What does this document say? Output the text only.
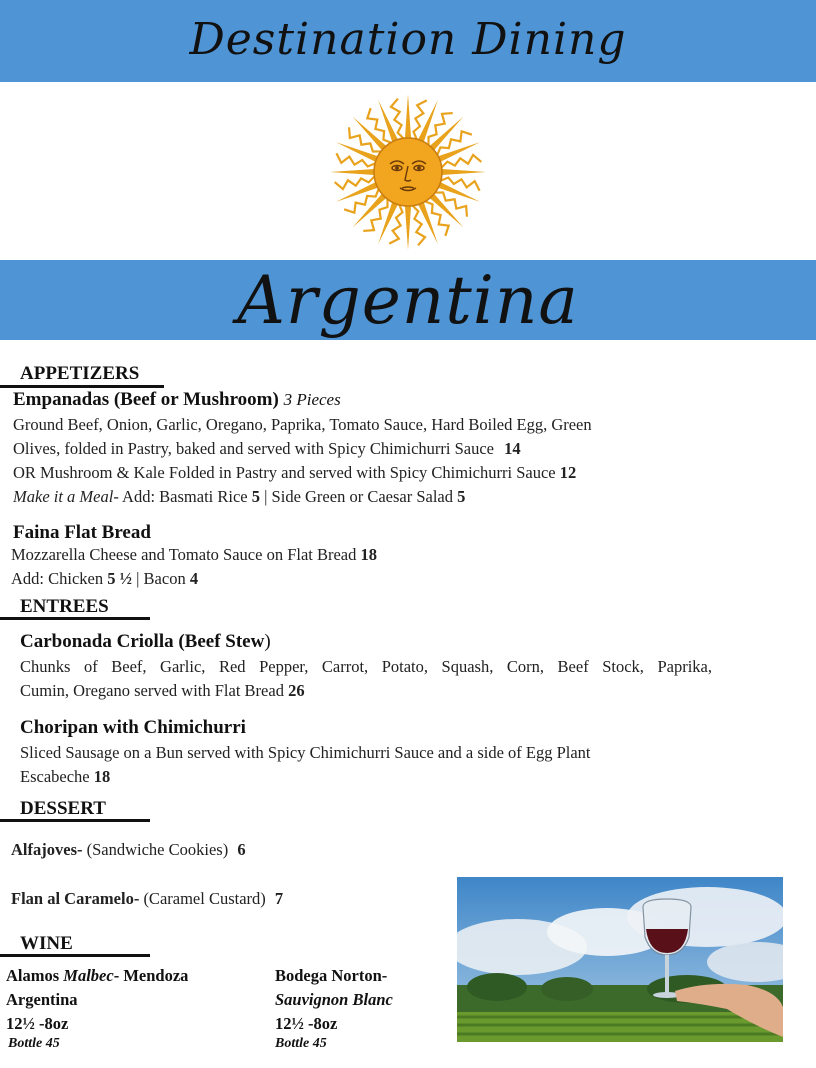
Destination Dining
Argentina
APPETIZERS
Empanadas (Beef or Mushroom) 3 Pieces
Ground Beef, Onion, Garlic, Oregano, Paprika, Tomato Sauce, Hard Boiled Egg, Green
Olives, folded in Pastry, baked and served with Spicy Chimichurri Sauce 14
OR Mushroom & Kale Folded in Pastry and served with Spicy Chimichurri Sauce 12
Make it a Meal- Add: Basmati Rice 5 | Side Green or Caesar Salad 5
Faina Flat Bread
Mozzarella Cheese and Tomato Sauce on Flat Bread 18
Add: Chicken 5 ½ | Bacon 4
ENTREES
Carbonada Criolla (Beef Stew)
Chunks of Beef, Garlic, Red Pepper, Carrot, Potato, Squash, Corn, Beef Stock, Paprika,
Cumin, Oregano served with Flat Bread 26
Choripan with Chimichurri
Sliced Sausage on a Bun served with Spicy Chimichurri Sauce and a side of Egg Plant
Escabeche 18
DESSERT
Alfajoves- (Sandwiche Cookies) 6
Flan al Caramelo- (Caramel Custard) 7
WINE
Alamos Malbec- Mendoza
Argentina
12½ -8oz
Bottle 45
Bodega Norton-
Sauvignon Blanc
12½ -8oz
Bottle 45
